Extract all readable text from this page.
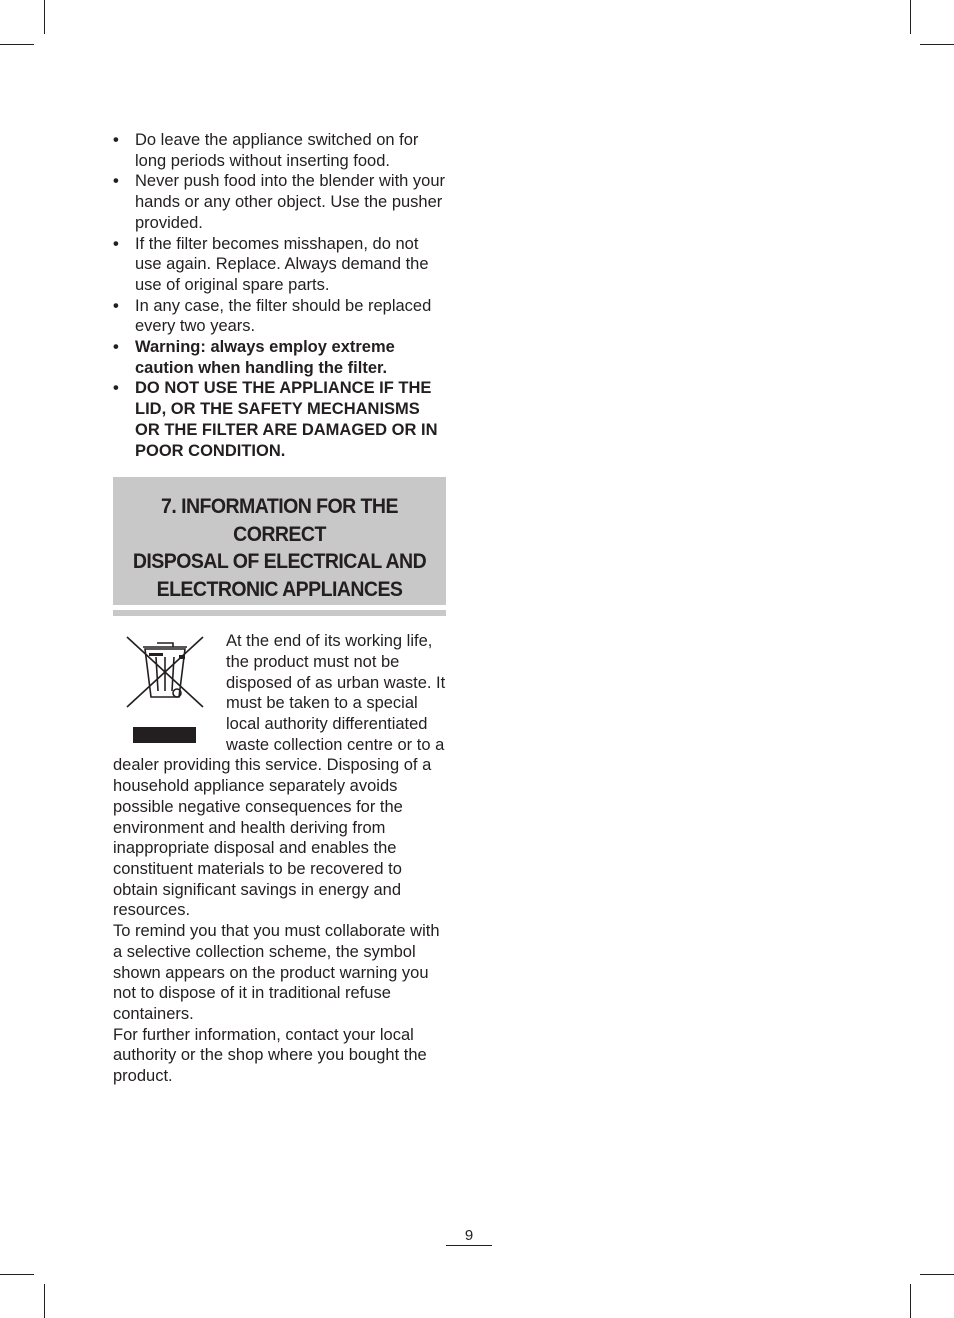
• Do leave the appliance switched on for long periods without inserting food.
• Never push food into the blender with your hands or any other object. Use the pusher provided.
• If the filter becomes misshapen, do not use again. Replace. Always demand the use of original spare parts.
• In any case, the filter should be replaced every two years.
• Warning: always employ extreme caution when handling the filter.
• DO NOT USE THE APPLIANCE IF THE LID, OR THE SAFETY MECHANISMS OR THE FILTER ARE DAMAGED OR IN POOR CONDITION.
7. INFORMATION FOR THE CORRECT
DISPOSAL OF ELECTRICAL AND
ELECTRONIC APPLIANCES

At the end of its working life, the product must not be disposed of as urban waste. It must be taken to a special local authority differentiated waste collection centre or to a dealer providing this service. Disposing of a household appliance separately avoids possible negative consequences for the environment and health deriving from inappropriate disposal and enables the constituent materials to be recovered to obtain significant savings in energy and resources.

To remind you that you must collaborate with a selective collection scheme, the symbol shown appears on the product warning you not to dispose of it in traditional refuse containers.

For further information, contact your local authority or the shop where you bought the product.

9
